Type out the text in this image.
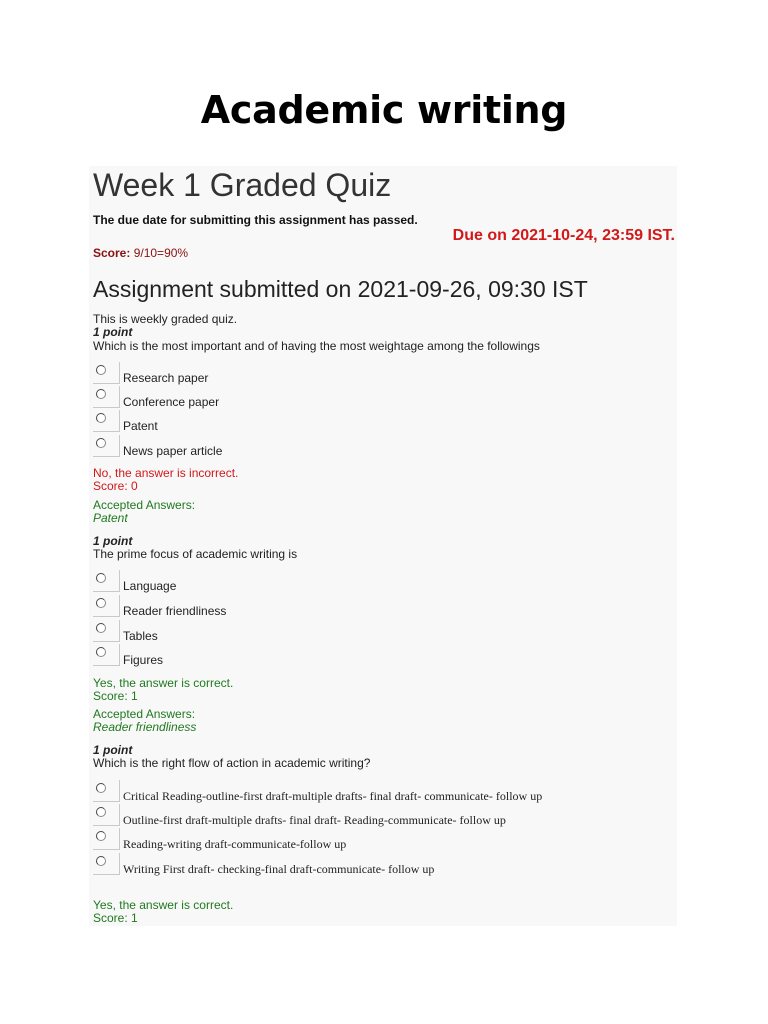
Academic writing
Week 1 Graded Quiz
The due date for submitting this assignment has passed.
Due on 2021-10-24, 23:59 IST.
Score: 9/10=90%
Assignment submitted on 2021-09-26, 09:30 IST
This is weekly graded quiz.
1 point
Which is the most important and of having the most weightage among the followings
Research paper
Conference paper
Patent
News paper article
No, the answer is incorrect.
Score: 0
Accepted Answers:
Patent
1 point
The prime focus of academic writing is
Language
Reader friendliness
Tables
Figures
Yes, the answer is correct.
Score: 1
Accepted Answers:
Reader friendliness
1 point
Which is the right flow of action in academic writing?
Critical Reading-outline-first draft-multiple drafts- final draft- communicate- follow up
Outline-first draft-multiple drafts- final draft- Reading-communicate- follow up
Reading-writing draft-communicate-follow up
Writing First draft- checking-final draft-communicate- follow up
Yes, the answer is correct.
Score: 1
